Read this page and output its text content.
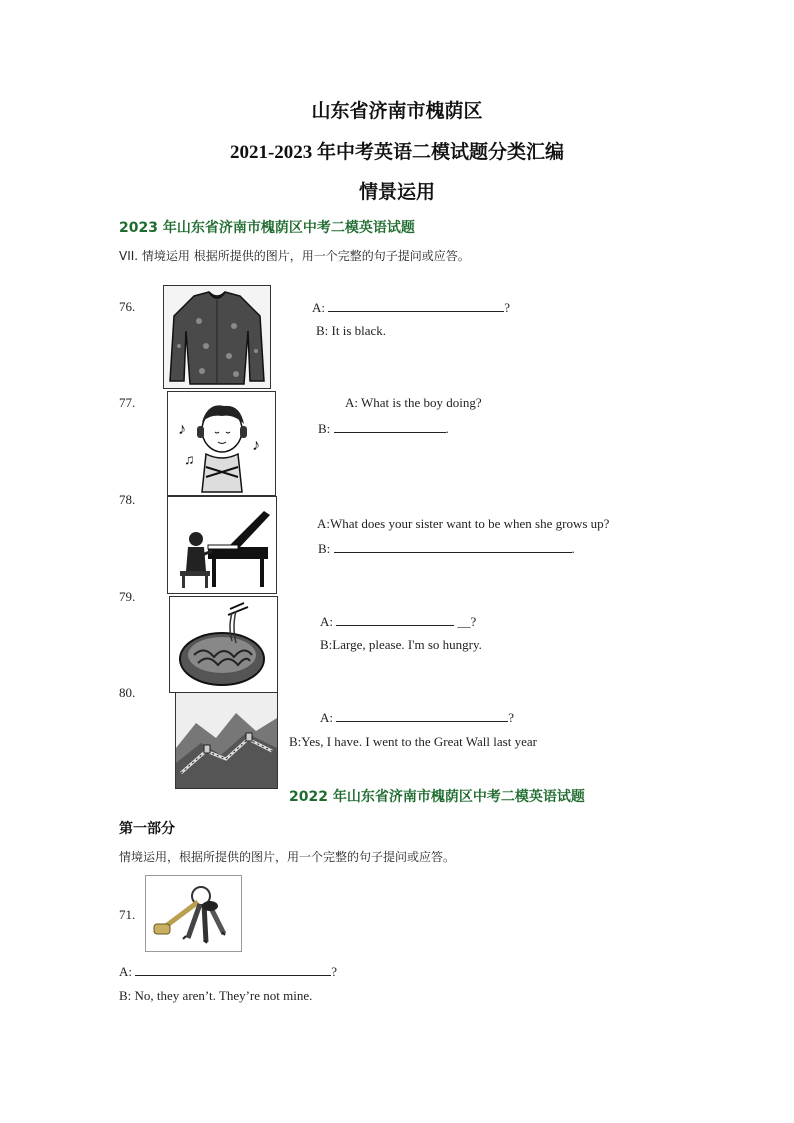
山东省济南市槐荫区
2021-2023 年中考英语二模试题分类汇编
情景运用
2023 年山东省济南市槐荫区中考二模英语试题
VII. 情境运用 根据所提供的图片，用一个完整的句子提问或应答。
76.	A:	?
B: It is black.
77.
♪
♪
♫
A: What is the boy doing?
B:	.
78.
A:What does your sister want to be when she grows up?
B:	.
79.
A:	__?
B:Large, please. I'm so hungry.
80.
A:	?
B:Yes, I have. I went to the Great Wall last year
2022 年山东省济南市槐荫区中考二模英语试题
第一部分
情境运用，根据所提供的图片，用一个完整的句子提问或应答。
71.
A:	?
B: No, they aren’t. They’re not mine.
